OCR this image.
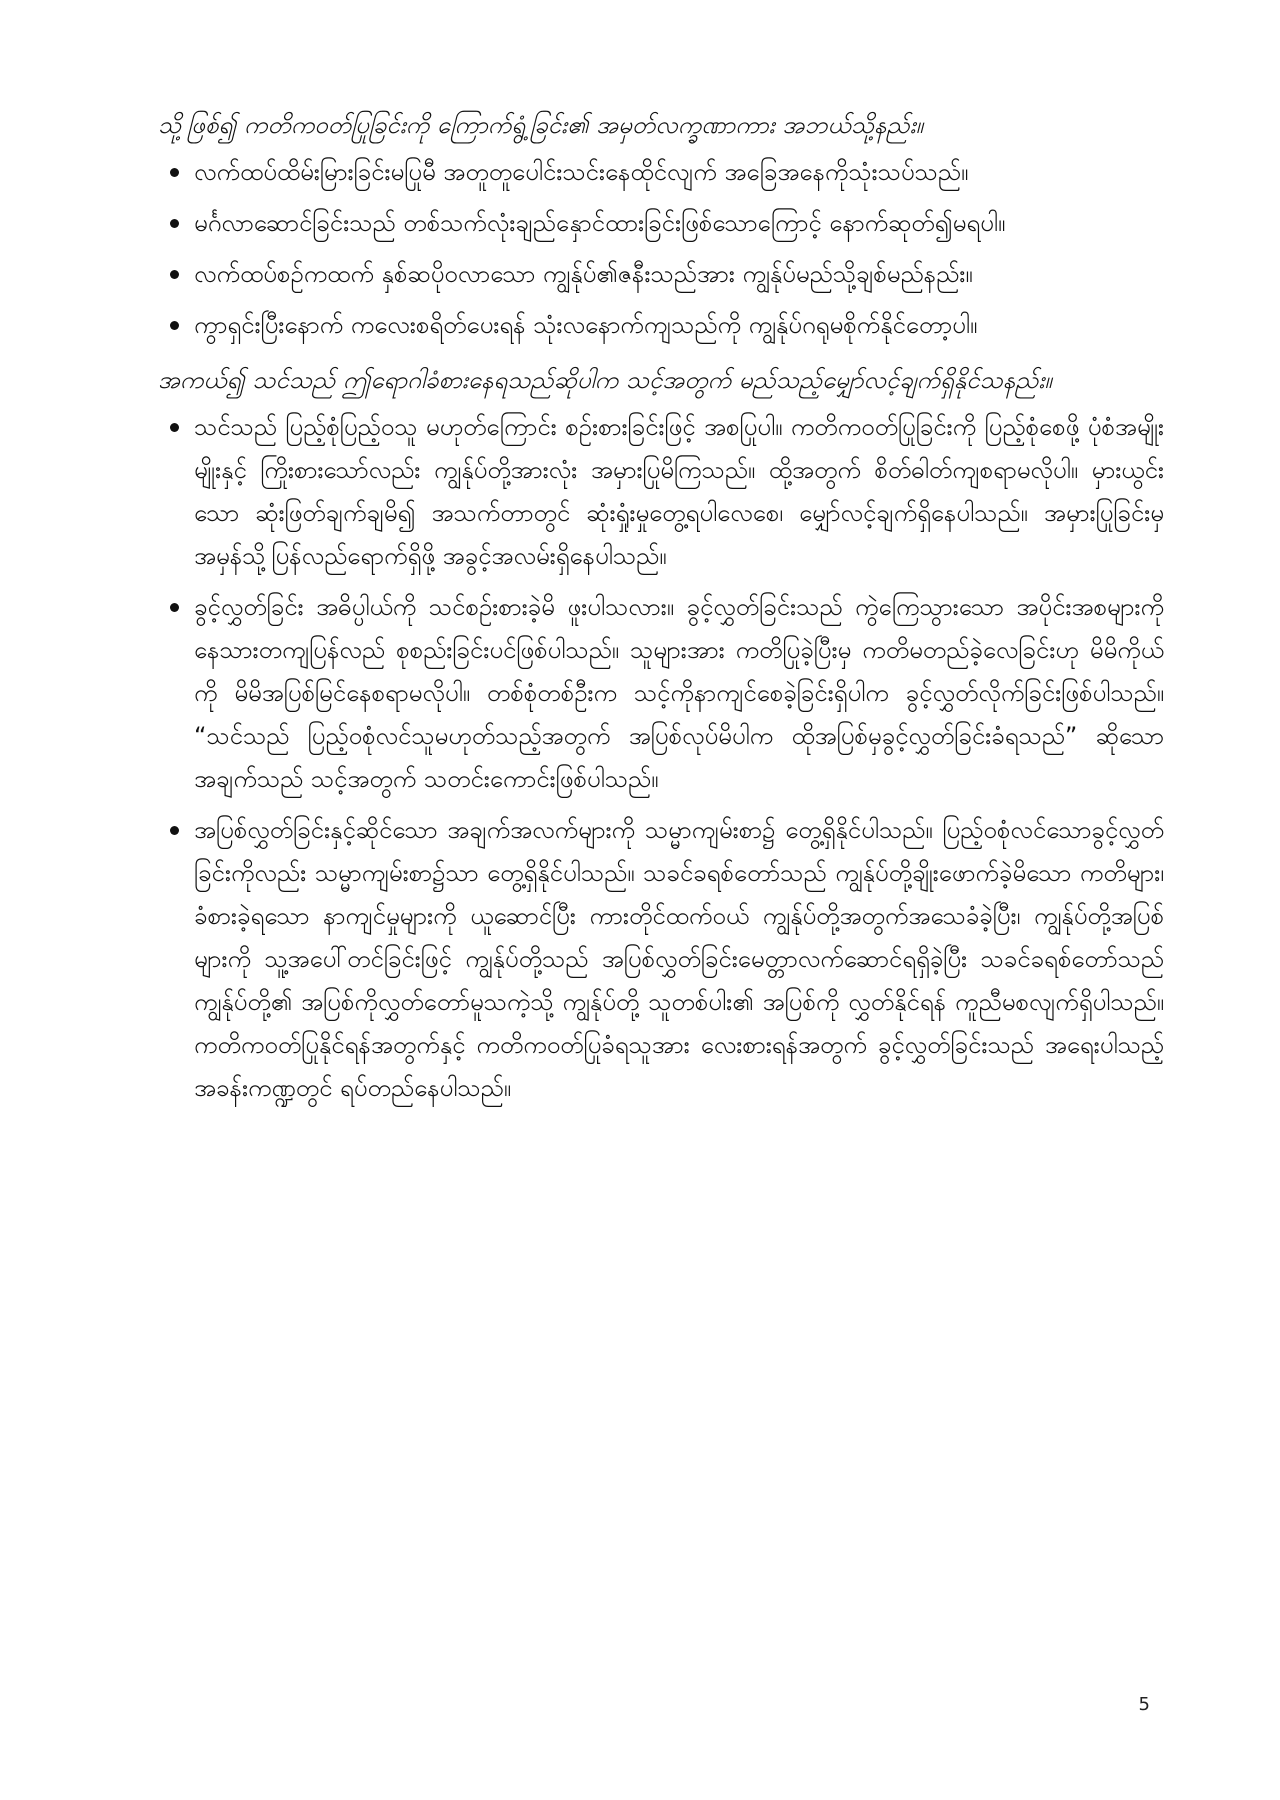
သို့ဖြစ်၍ ကတိကဝတ်ပြုခြင်းကို ကြောက်ရွံ့ခြင်း၏ အမှတ်လက္ခဏာကား အဘယ်သို့နည်း။

လက်ထပ်ထိမ်းမြားခြင်းမပြုမီ အတူတူပေါင်းသင်းနေထိုင်လျက် အခြေအနေကိုသုံးသပ်သည်။
မင်္ဂလာဆောင်ခြင်းသည် တစ်သက်လုံးချည်နှောင်ထားခြင်းဖြစ်သောကြောင့် နောက်ဆုတ်၍မရပါ။
လက်ထပ်စဉ်ကထက် နှစ်ဆပိုဝလာသော ကျွန်ုပ်၏ဇနီးသည်အား ကျွန်ုပ်မည်သို့ချစ်မည်နည်း။
ကွာရှင်းပြီးနောက် ကလေးစရိတ်ပေးရန် သုံးလနောက်ကျသည်ကို ကျွန်ုပ်ဂရုမစိုက်နိုင်တော့ပါ။

အကယ်၍ သင်သည် ဤရောဂါခံစားနေရသည်ဆိုပါက သင့်အတွက် မည်သည့်မျှော်လင့်ချက်ရှိနိုင်သနည်း။

သင်သည် ပြည့်စုံပြည့်ဝသူ မဟုတ်ကြောင်း စဉ်းစားခြင်းဖြင့် အစပြုပါ။ ကတိကဝတ်ပြုခြင်းကို ပြည့်စုံစေဖို့ ပုံစံအမျိုးမျိုးနှင့် ကြိုးစားသော်လည်း ကျွန်ုပ်တို့အားလုံး အမှားပြုမိကြသည်။ ထို့အတွက် စိတ်ဓါတ်ကျစရာမလိုပါ။ မှားယွင်းသော ဆုံးဖြတ်ချက်ချမိ၍ အသက်တာတွင် ဆုံးရှုံးမှုတွေ့ရပါလေစေ၊ မျှော်လင့်ချက်ရှိနေပါသည်။ အမှားပြုခြင်းမှ အမှန်သို့ပြန်လည်ရောက်ရှိဖို့ အခွင့်အလမ်းရှိနေပါသည်။
ခွင့်လွှတ်ခြင်း အဓိပ္ပါယ်ကို သင်စဉ်းစားခဲ့မိ ဖူးပါသလား။ ခွင့်လွှတ်ခြင်းသည် ကွဲကြေသွားသော အပိုင်းအစများကို နေသားတကျပြန်လည် စုစည်းခြင်းပင်ဖြစ်ပါသည်။ သူများအား ကတိပြုခဲ့ပြီးမှ ကတိမတည်ခဲ့လေခြင်းဟု မိမိကိုယ်ကို မိမိအပြစ်မြင်နေစရာမလိုပါ။ တစ်စုံတစ်ဦးက သင့်ကိုနာကျင်စေခဲ့ခြင်းရှိပါက ခွင့်လွှတ်လိုက်ခြင်းဖြစ်ပါသည်။ “သင်သည် ပြည့်ဝစုံလင်သူမဟုတ်သည့်အတွက် အပြစ်လုပ်မိပါက ထိုအပြစ်မှခွင့်လွှတ်ခြင်းခံရသည်” ဆိုသောအချက်သည် သင့်အတွက် သတင်းကောင်းဖြစ်ပါသည်။
အပြစ်လွှတ်ခြင်းနှင့်ဆိုင်သော အချက်အလက်များကို သမ္မာကျမ်းစာ၌ တွေ့ရှိနိုင်ပါသည်။ ပြည့်ဝစုံလင်သောခွင့်လွှတ်ခြင်းကိုလည်း သမ္မာကျမ်းစာ၌သာ တွေ့ရှိနိုင်ပါသည်။ သခင်ခရစ်တော်သည် ကျွန်ုပ်တို့ချိုးဖောက်ခဲ့မိသော ကတိများ၊ ခံစားခဲ့ရသော နာကျင်မှုများကို ယူဆောင်ပြီး ကားတိုင်ထက်ဝယ် ကျွန်ုပ်တို့အတွက်အသေခံခဲ့ပြီး၊ ကျွန်ုပ်တို့အပြစ်များကို သူ့အပေါ်တင်ခြင်းဖြင့် ကျွန်ုပ်တို့သည် အပြစ်လွှတ်ခြင်းမေတ္တာလက်ဆောင်ရရှိခဲ့ပြီး သခင်ခရစ်တော်သည် ကျွန်ုပ်တို့၏ အပြစ်ကိုလွှတ်တော်မူသကဲ့သို့ ကျွန်ုပ်တို့ သူတစ်ပါး၏ အပြစ်ကို လွှတ်နိုင်ရန် ကူညီမစလျက်ရှိပါသည်။ ကတိကဝတ်ပြုနိုင်ရန်အတွက်နှင့် ကတိကဝတ်ပြုခံရသူအား လေးစားရန်အတွက် ခွင့်လွှတ်ခြင်းသည် အရေးပါသည့် အခန်းကဏ္ဍတွင် ရပ်တည်နေပါသည်။
5
